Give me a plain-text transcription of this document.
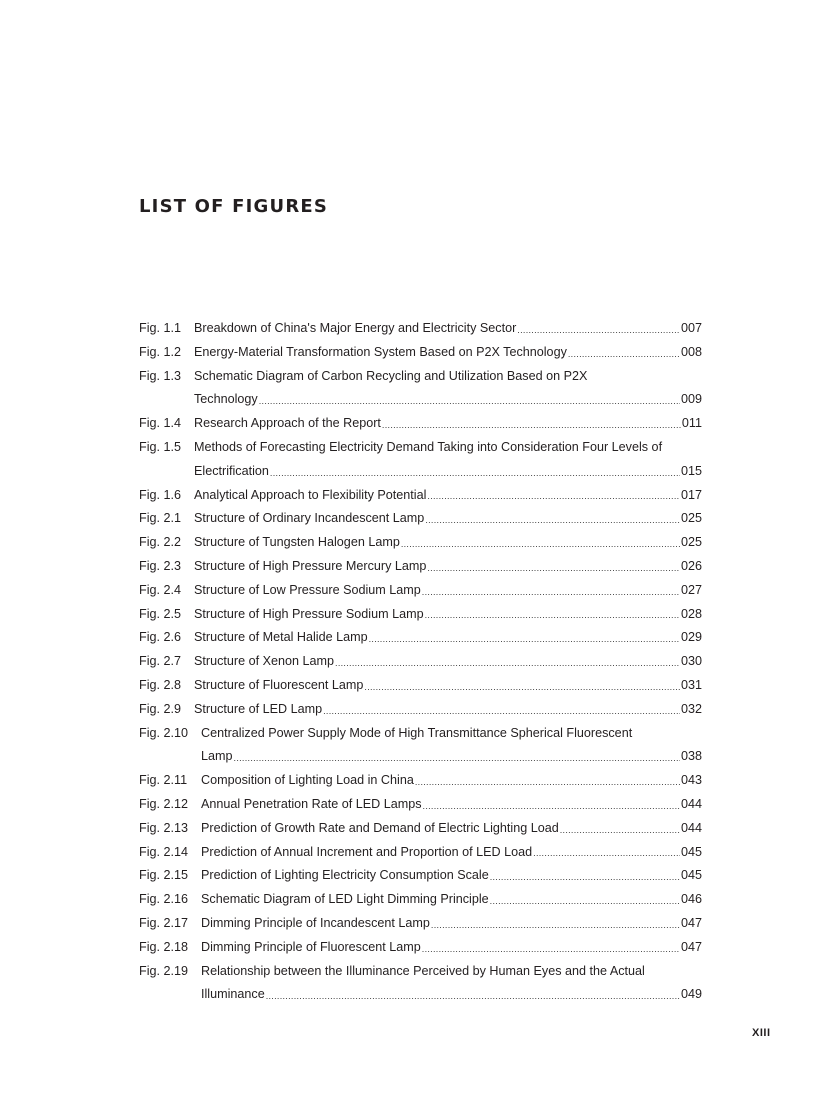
LIST OF FIGURES
Fig. 1.1 Breakdown of China's Major Energy and Electricity Sector .....	007
Fig. 1.2 Energy-Material Transformation System Based on P2X Technology .....	008
Fig. 1.3 Schematic Diagram of Carbon Recycling and Utilization Based on P2X
Technology .....	009
Fig. 1.4 Research Approach of the Report .....	011
Fig. 1.5 Methods of Forecasting Electricity Demand Taking into Consideration Four Levels of
Electrification .....	015
Fig. 1.6 Analytical Approach to Flexibility Potential .....	017
Fig. 2.1 Structure of Ordinary Incandescent Lamp .....	025
Fig. 2.2 Structure of Tungsten Halogen Lamp .....	025
Fig. 2.3 Structure of High Pressure Mercury Lamp .....	026
Fig. 2.4 Structure of Low Pressure Sodium Lamp .....	027
Fig. 2.5 Structure of High Pressure Sodium Lamp .....	028
Fig. 2.6 Structure of Metal Halide Lamp .....	029
Fig. 2.7 Structure of Xenon Lamp .....	030
Fig. 2.8 Structure of Fluorescent Lamp .....	031
Fig. 2.9 Structure of LED Lamp .....	032
Fig. 2.10 Centralized Power Supply Mode of High Transmittance Spherical Fluorescent
Lamp .....	038
Fig. 2.11 Composition of Lighting Load in China .....	043
Fig. 2.12 Annual Penetration Rate of LED Lamps .....	044
Fig. 2.13 Prediction of Growth Rate and Demand of Electric Lighting Load .....	044
Fig. 2.14 Prediction of Annual Increment and Proportion of LED Load .....	045
Fig. 2.15 Prediction of Lighting Electricity Consumption Scale .....	045
Fig. 2.16 Schematic Diagram of LED Light Dimming Principle .....	046
Fig. 2.17 Dimming Principle of Incandescent Lamp .....	047
Fig. 2.18 Dimming Principle of Fluorescent Lamp .....	047
Fig. 2.19 Relationship between the Illuminance Perceived by Human Eyes and the Actual
Illuminance .....	049
XIII
